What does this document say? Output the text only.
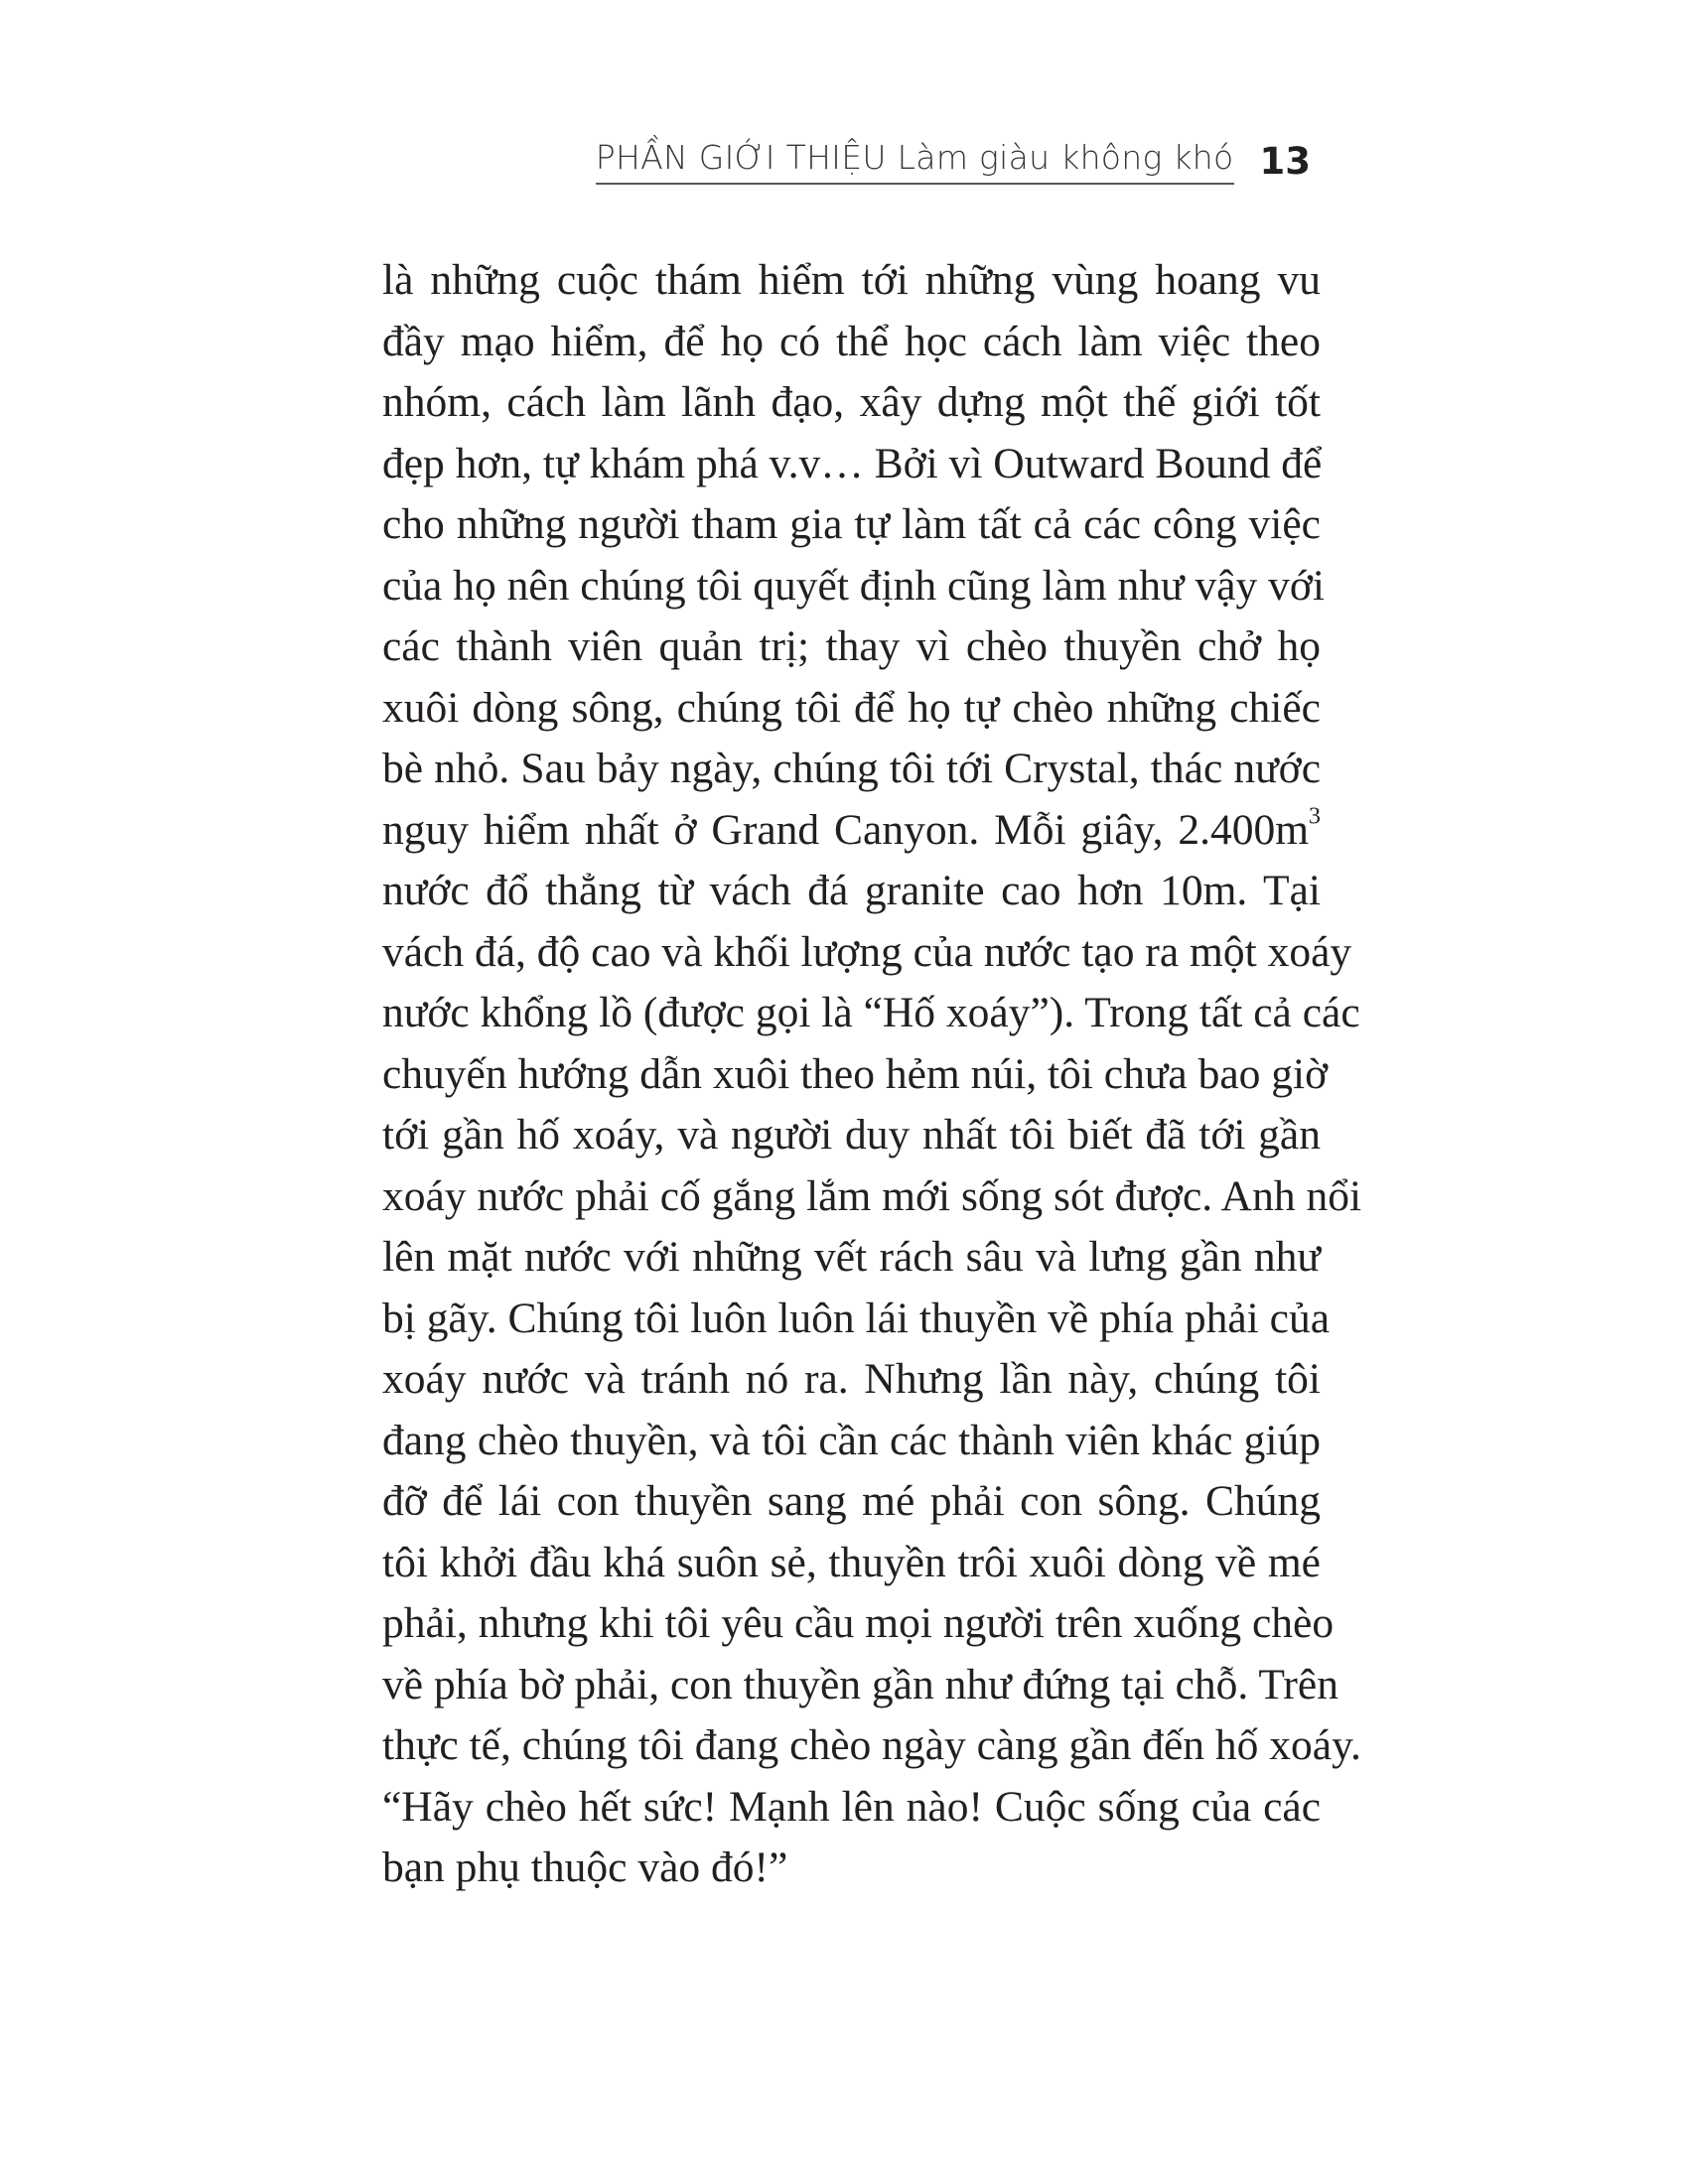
PHẦN GIỚI THIỆU Làm giàu không khó 13
là những cuộc thám hiểm tới những vùng hoang vu
đầy mạo hiểm, để họ có thể học cách làm việc theo
nhóm, cách làm lãnh đạo, xây dựng một thế giới tốt
đẹp hơn, tự khám phá v.v… Bởi vì Outward Bound để
cho những người tham gia tự làm tất cả các công việc
của họ nên chúng tôi quyết định cũng làm như vậy với
các thành viên quản trị; thay vì chèo thuyền chở họ
xuôi dòng sông, chúng tôi để họ tự chèo những chiếc
bè nhỏ. Sau bảy ngày, chúng tôi tới Crystal, thác nước
nguy hiểm nhất ở Grand Canyon. Mỗi giây, $2.400m^3$
nước đổ thẳng từ vách đá granite cao hơn 10m. Tại
vách đá, độ cao và khối lượng của nước tạo ra một xoáy
nước khổng lồ (được gọi là “Hố xoáy”). Trong tất cả các
chuyến hướng dẫn xuôi theo hẻm núi, tôi chưa bao giờ
tới gần hố xoáy, và người duy nhất tôi biết đã tới gần
xoáy nước phải cố gắng lắm mới sống sót được. Anh nổi
lên mặt nước với những vết rách sâu và lưng gần như
bị gãy. Chúng tôi luôn luôn lái thuyền về phía phải của
xoáy nước và tránh nó ra. Nhưng lần này, chúng tôi
đang chèo thuyền, và tôi cần các thành viên khác giúp
đỡ để lái con thuyền sang mé phải con sông. Chúng
tôi khởi đầu khá suôn sẻ, thuyền trôi xuôi dòng về mé
phải, nhưng khi tôi yêu cầu mọi người trên xuống chèo
về phía bờ phải, con thuyền gần như đứng tại chỗ. Trên
thực tế, chúng tôi đang chèo ngày càng gần đến hố xoáy.
“Hãy chèo hết sức! Mạnh lên nào! Cuộc sống của các
bạn phụ thuộc vào đó!”
